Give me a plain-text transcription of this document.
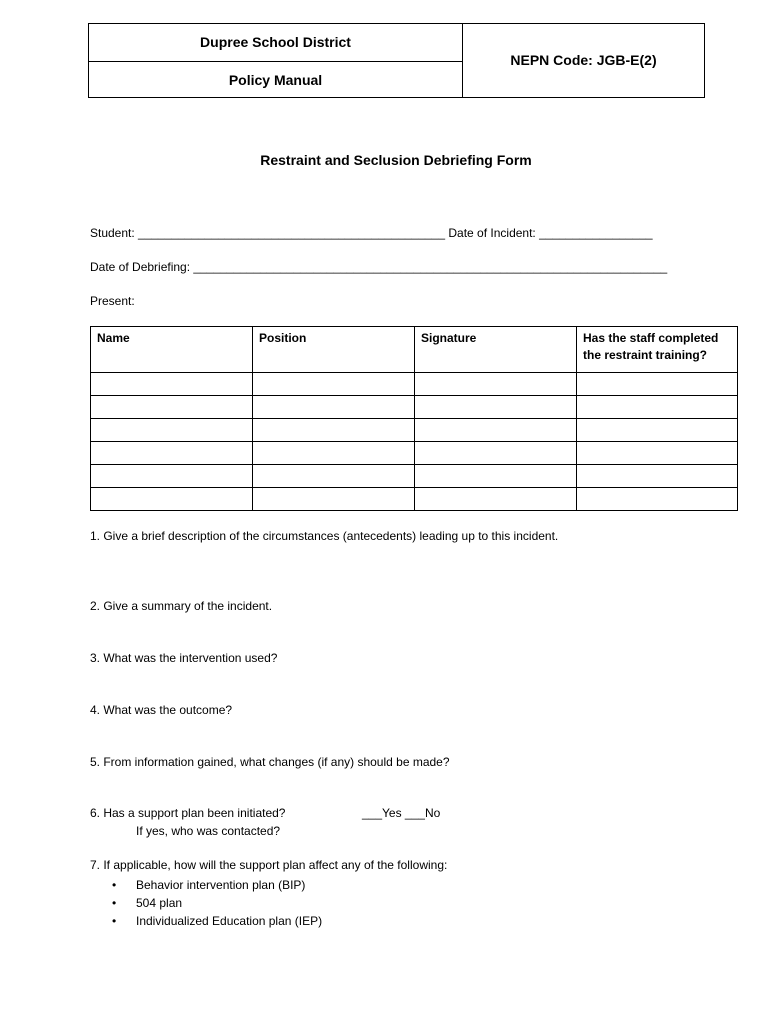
Dupree School District
Policy Manual
NEPN Code: JGB-E(2)
Restraint and Seclusion Debriefing Form
Student: ______________________________________________ Date of Incident: _________________
Date of Debriefing: _______________________________________________________________________
Present:
Name	Position	Signature	Has the staff completed the restraint training?

1. Give a brief description of the circumstances (antecedents) leading up to this incident.
2. Give a summary of the incident.
3. What was the intervention used?
4. What was the outcome?
5. From information gained, what changes (if any) should be made?
6. Has a support plan been initiated?	___Yes ___No
If yes, who was contacted?
7. If applicable, how will the support plan affect any of the following:
• Behavior intervention plan (BIP)
• 504 plan
• Individualized Education plan (IEP)
